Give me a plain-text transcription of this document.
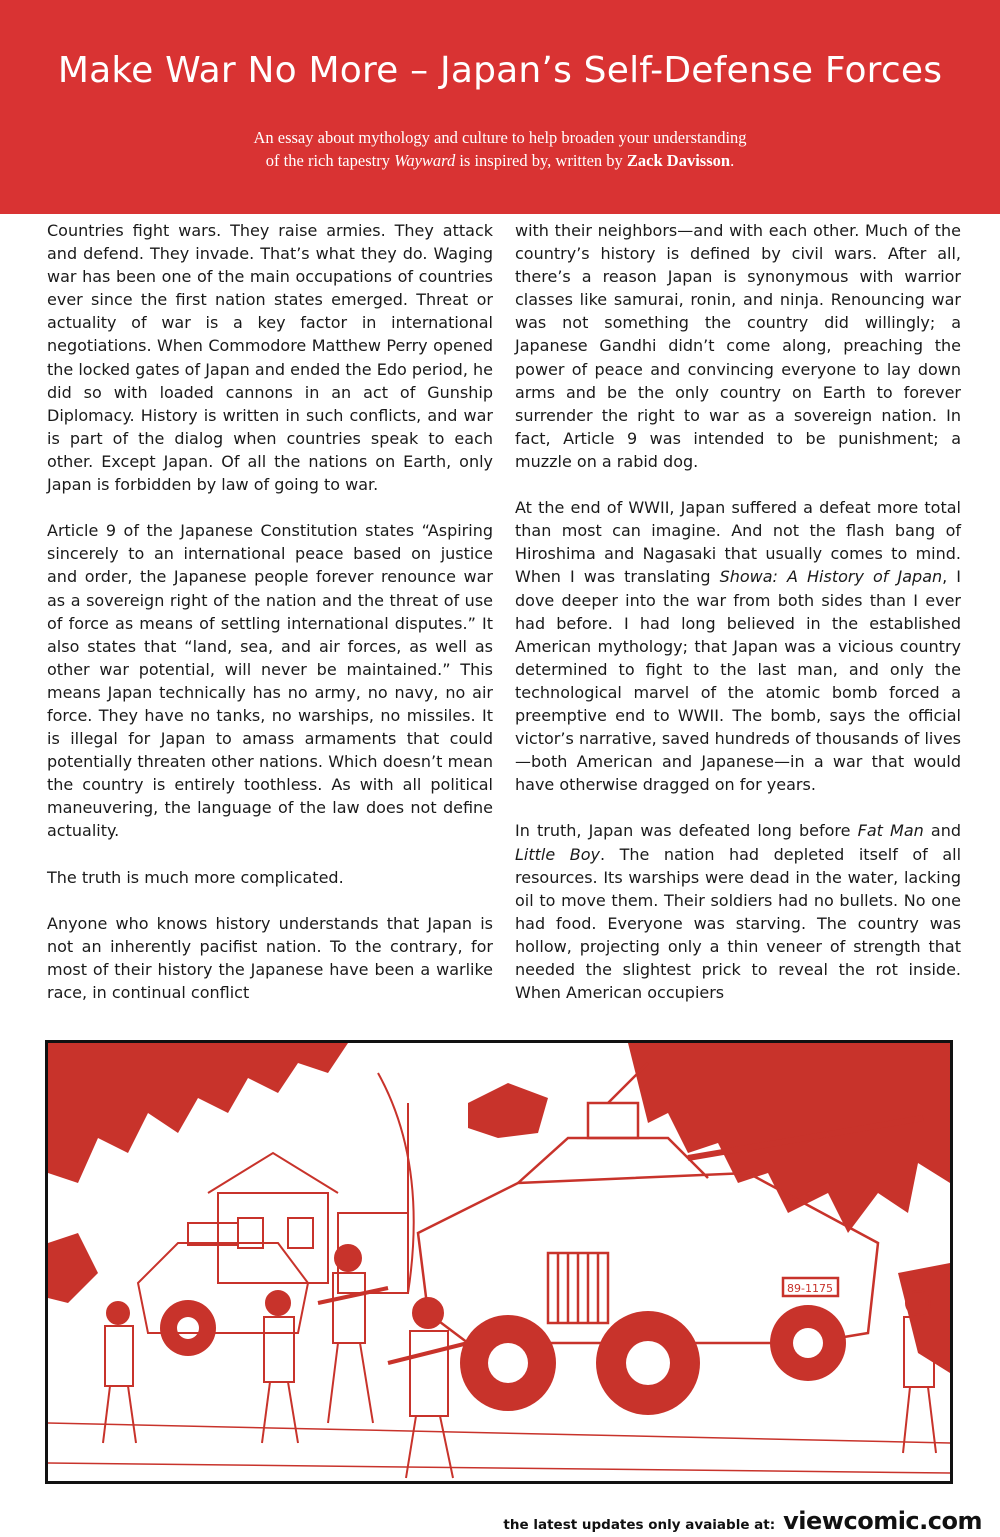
Make War No More – Japan’s Self-Defense Forces
An essay about mythology and culture to help broaden your understanding
of the rich tapestry Wayward is inspired by, written by Zack Davisson.

Countries fight wars. They raise armies. They attack and defend. They invade. That’s what they do. Waging war has been one of the main occupations of countries ever since the first nation states emerged. Threat or actuality of war is a key factor in international negotiations. When Commodore Matthew Perry opened the locked gates of Japan and ended the Edo period, he did so with loaded cannons in an act of Gunship Diplomacy. History is written in such conflicts, and war is part of the dialog when countries speak to each other. Except Japan. Of all the nations on Earth, only Japan is forbidden by law of going to war.

Article 9 of the Japanese Constitution states “Aspiring sincerely to an international peace based on justice and order, the Japanese people forever renounce war as a sovereign right of the nation and the threat of use of force as means of settling international disputes.” It also states that “land, sea, and air forces, as well as other war potential, will never be maintained.” This means Japan technically has no army, no navy, no air force. They have no tanks, no warships, no missiles. It is illegal for Japan to amass armaments that could potentially threaten other nations. Which doesn’t mean the country is entirely toothless. As with all political maneuvering, the language of the law does not define actuality.

The truth is much more complicated.

Anyone who knows history understands that Japan is not an inherently pacifist nation. To the contrary, for most of their history the Japanese have been a warlike race, in continual conflict

with their neighbors—and with each other. Much of the country’s history is defined by civil wars. After all, there’s a reason Japan is synonymous with warrior classes like samurai, ronin, and ninja. Renouncing war was not something the country did willingly; a Japanese Gandhi didn’t come along, preaching the power of peace and convincing everyone to lay down arms and be the only country on Earth to forever surrender the right to war as a sovereign nation. In fact, Article 9 was intended to be punishment; a muzzle on a rabid dog.

At the end of WWII, Japan suffered a defeat more total than most can imagine. And not the flash bang of Hiroshima and Nagasaki that usually comes to mind. When I was translating Showa: A History of Japan, I dove deeper into the war from both sides than I ever had before. I had long believed in the established American mythology; that Japan was a vicious country determined to fight to the last man, and only the technological marvel of the atomic bomb forced a preemptive end to WWII. The bomb, says the official victor’s narrative, saved hundreds of thousands of lives—both American and Japanese—in a war that would have otherwise dragged on for years.

In truth, Japan was defeated long before Fat Man and Little Boy. The nation had depleted itself of all resources. Its warships were dead in the water, lacking oil to move them. Their soldiers had no bullets. No one had food. Everyone was starving. The country was hollow, projecting only a thin veneer of strength that needed the slightest prick to reveal the rot inside. When American occupiers

89-1175
the latest updates only avaiable at: viewcomic.com
